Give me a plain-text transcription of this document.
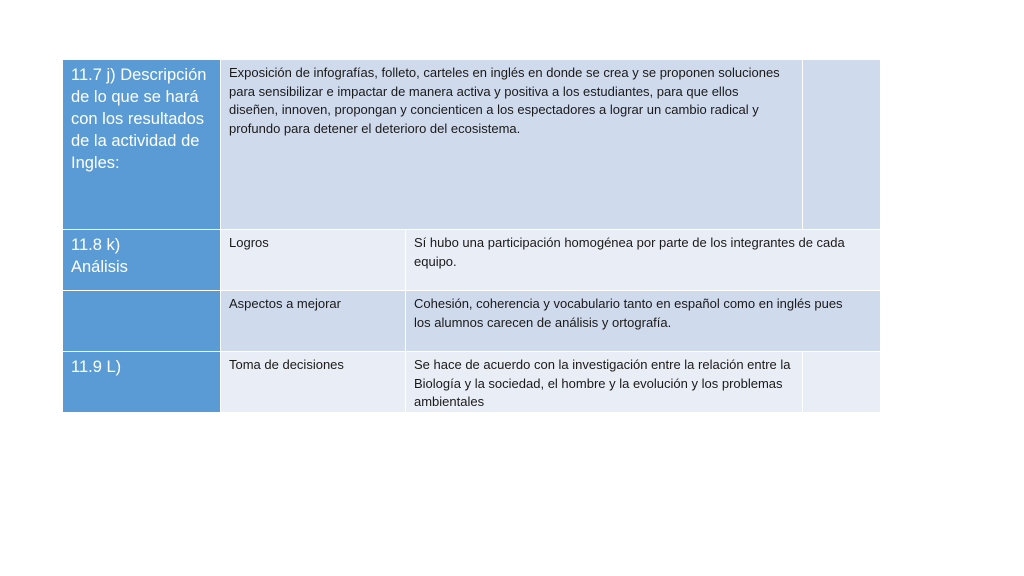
11.7 j) Descripción de lo que se hará con los resultados de la actividad de Ingles:	Exposición de infografías, folleto, carteles en inglés en donde se crea y se proponen soluciones para sensibilizar e impactar de manera activa y positiva a los estudiantes, para que ellos diseñen, innoven, propongan y concienticen a los espectadores a lograr un cambio radical y profundo para detener el deterioro del ecosistema.		

11.8 k)
Análisis	Logros	Sí hubo una participación homogénea por parte de los integrantes de cada equipo.	

	Aspectos a mejorar	Cohesión, coherencia y vocabulario tanto en español como en inglés pues los alumnos carecen de análisis y ortografía.	

11.9 L)	Toma de decisiones	Se hace de acuerdo con la investigación entre la relación entre la Biología y la sociedad, el hombre y la evolución y los problemas ambientales	
